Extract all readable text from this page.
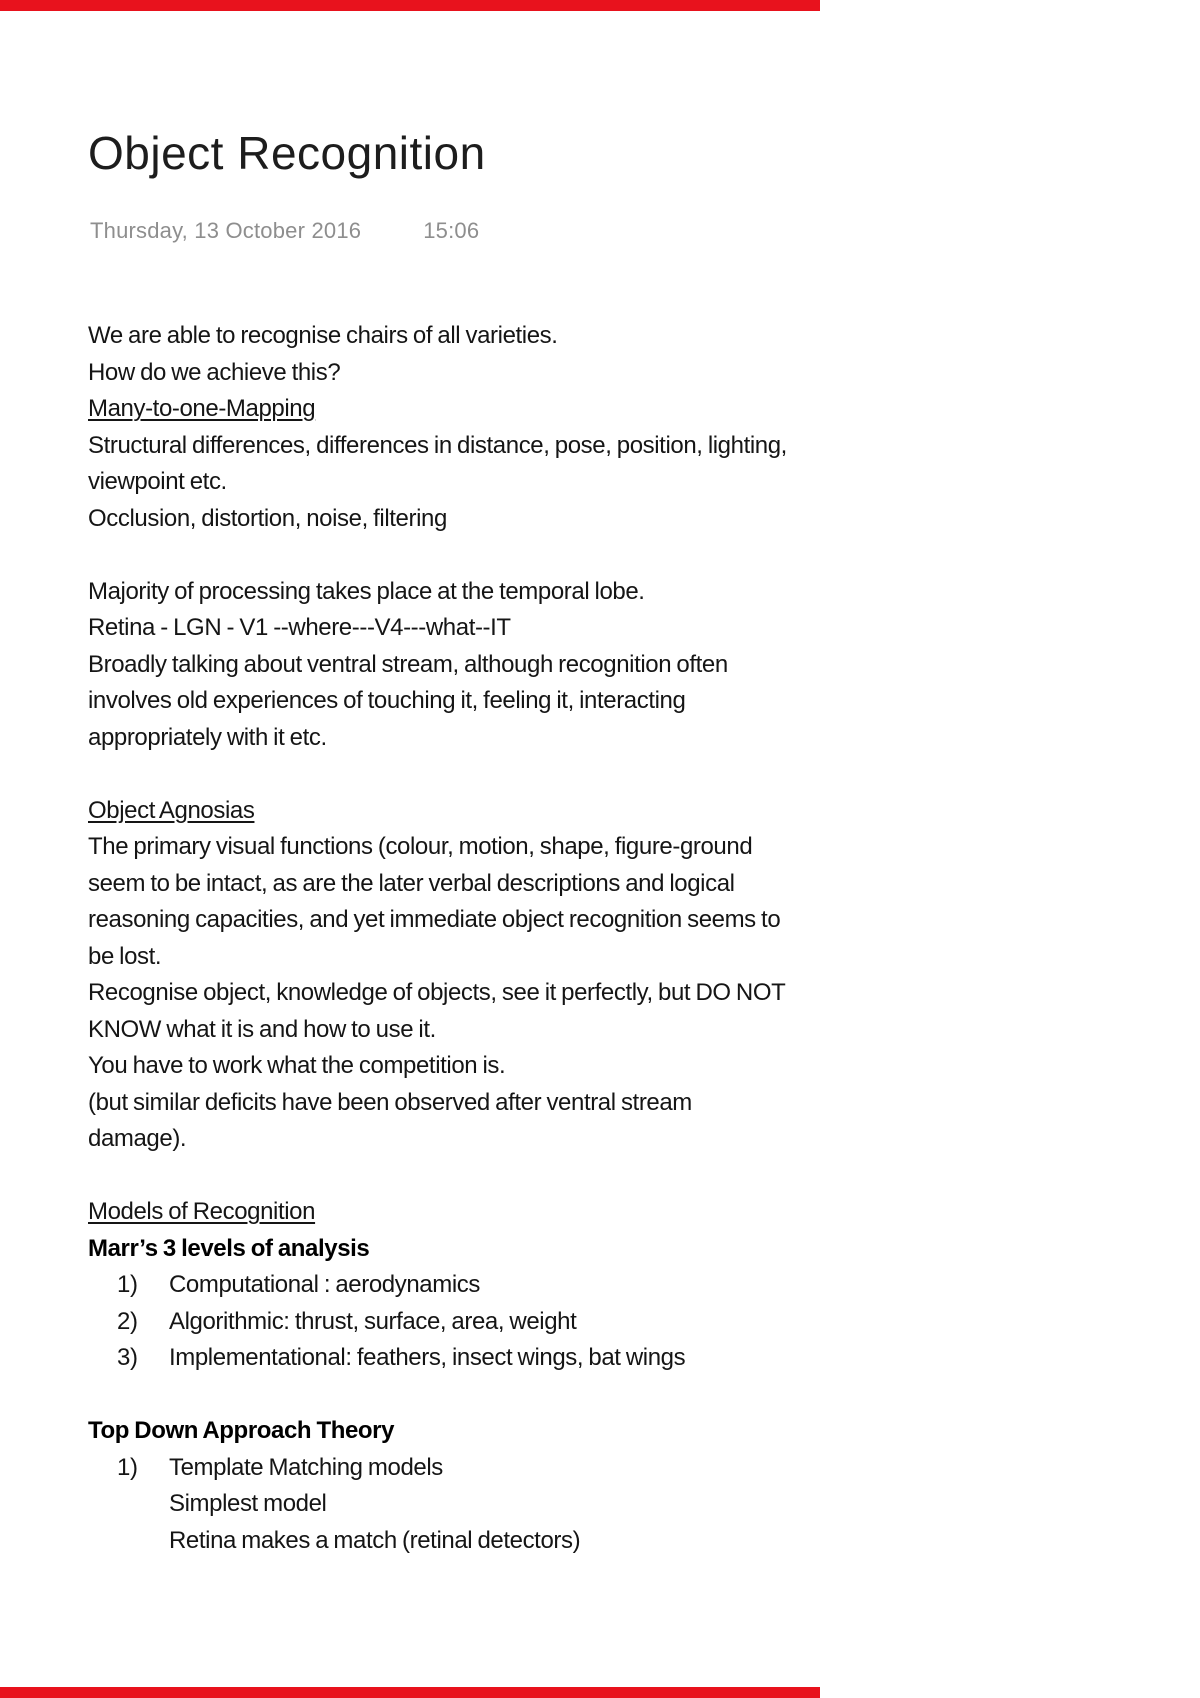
Object Recognition
Thursday, 13 October 2016	15:06
We are able to recognise chairs of all varieties.
How do we achieve this?
Many-to-one-Mapping
Structural differences, differences in distance, pose, position, lighting,
viewpoint etc.
Occlusion, distortion, noise, filtering
Majority of processing takes place at the temporal lobe.
Retina - LGN - V1 --where---V4---what--IT
Broadly talking about ventral stream, although recognition often
involves old experiences of touching it, feeling it, interacting
appropriately with it etc.
Object Agnosias
The primary visual functions (colour, motion, shape, figure-ground
seem to be intact, as are the later verbal descriptions and logical
reasoning capacities, and yet immediate object recognition seems to
be lost.
Recognise object, knowledge of objects, see it perfectly, but DO NOT
KNOW what it is and how to use it.
You have to work what the competition is.
(but similar deficits have been observed after ventral stream
damage).
Models of Recognition
Marr’s 3 levels of analysis
1)	Computational : aerodynamics
2)	Algorithmic: thrust, surface, area, weight
3)	Implementational: feathers, insect wings, bat wings
Top Down Approach Theory
1)	Template Matching models
Simplest model
Retina makes a match (retinal detectors)
